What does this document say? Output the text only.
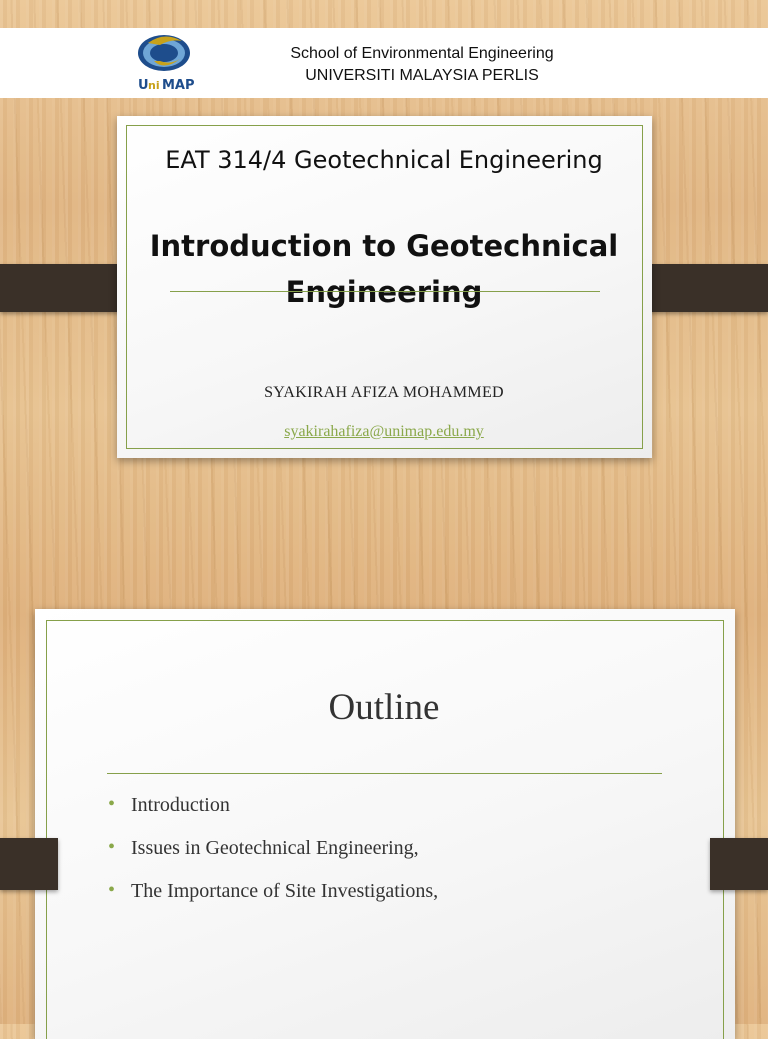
U ni MAP
School of Environmental Engineering
UNIVERSITI MALAYSIA PERLIS
EAT 314/4 Geotechnical Engineering
Introduction to Geotechnical
Engineering
SYAKIRAH AFIZA MOHAMMED
syakirahafiza@unimap.edu.my
Outline
• Introduction
• Issues in Geotechnical Engineering,
• The Importance of Site Investigations,
